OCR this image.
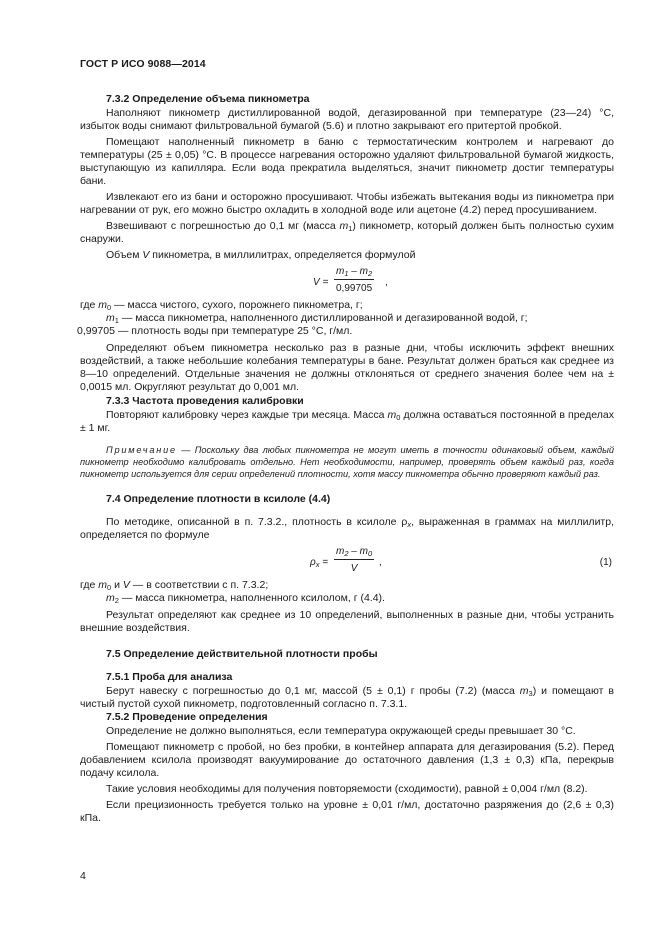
ГОСТ Р ИСО 9088—2014

7.3.2 Определение объема пикнометра

Наполняют пикнометр дистиллированной водой, дегазированной при температуре (23—24) °С, избыток воды снимают фильтровальной бумагой (5.6) и плотно закрывают его притертой пробкой.

Помещают наполненный пикнометр в баню с термостатическим контролем и нагревают до температуры (25 ± 0,05) °С. В процессе нагревания осторожно удаляют фильтровальной бумагой жидкость, выступающую из капилляра. Если вода прекратила выделяться, значит пикнометр достиг температуры бани.

Извлекают его из бани и осторожно просушивают. Чтобы избежать вытекания воды из пикнометра при нагревании от рук, его можно быстро охладить в холодной воде или ацетоне (4.2) перед просушиванием.

Взвешивают с погрешностью до 0,1 мг (масса $m_1$) пикнометр, который должен быть полностью сухим снаружи.

Объем V пикнометра, в миллилитрах, определяется формулой

$V = \frac{m_1 - m_2}{0,99705}$ ,

где $m_0$ — масса чистого, сухого, порожнего пикнометра, г;

$m_1$ — масса пикнометра, наполненного дистиллированной и дегазированной водой, г;

0,99705 — плотность воды при температуре 25 °С, г/мл.

Определяют объем пикнометра несколько раз в разные дни, чтобы исключить эффект внешних воздействий, а также небольшие колебания температуры в бане. Результат должен браться как среднее из 8—10 определений. Отдельные значения не должны отклоняться от среднего значения более чем на ± 0,0015 мл. Округляют результат до 0,001 мл.

7.3.3 Частота проведения калибровки

Повторяют калибровку через каждые три месяца. Масса $m_0$ должна оставаться постоянной в пределах ± 1 мг.

Примечание — Поскольку два любых пикнометра не могут иметь в точности одинаковый объем, каждый пикнометр необходимо калибровать отдельно. Нет необходимости, например, проверять объем каждый раз, когда пикнометр используется для серии определений плотности, хотя массу пикнометра обычно проверяют каждый раз.

7.4 Определение плотности в ксилоле (4.4)

По методике, описанной в п. 7.3.2., плотность в ксилоле $\rho_x$, выраженная в граммах на миллилитр, определяется по формуле

$\rho_x = \frac{m_2 - m_0}{V}$ ,	(1)

где $m_0$ и V — в соответствии с п. 7.3.2;

$m_2$ — масса пикнометра, наполненного ксилолом, г (4.4).

Результат определяют как среднее из 10 определений, выполненных в разные дни, чтобы устранить внешние воздействия.

7.5 Определение действительной плотности пробы

7.5.1 Проба для анализа

Берут навеску с погрешностью до 0,1 мг, массой (5 ± 0,1) г пробы (7.2) (масса $m_3$) и помещают в чистый пустой сухой пикнометр, подготовленный согласно п. 7.3.1.

7.5.2 Проведение определения

Определение не должно выполняться, если температура окружающей среды превышает 30 °С.

Помещают пикнометр с пробой, но без пробки, в контейнер аппарата для дегазирования (5.2). Перед добавлением ксилола производят вакуумирование до остаточного давления (1,3 ± 0,3) кПа, перекрыв подачу ксилола.

Такие условия необходимы для получения повторяемости (сходимости), равной ± 0,004 г/мл (8.2).

Если прецизионность требуется только на уровне ± 0,01 г/мл, достаточно разряжения до (2,6 ± 0,3) кПа.

4
